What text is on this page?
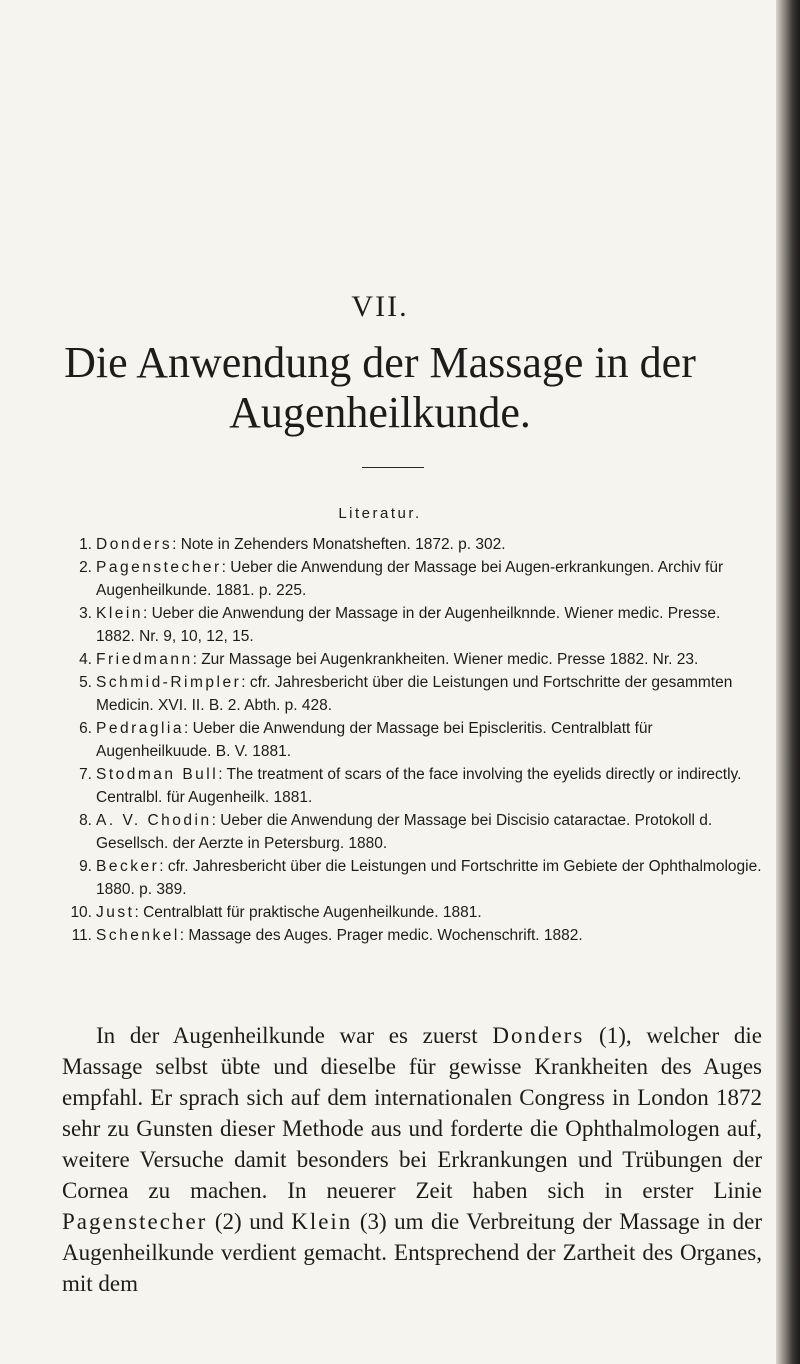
VII.
Die Anwendung der Massage in der
Augenheilkunde.
Literatur.
1. Donders: Note in Zehenders Monatsheften. 1872. p. 302.
2. Pagenstecher: Ueber die Anwendung der Massage bei Augen-erkrankungen. Archiv für Augenheilkunde. 1881. p. 225.
3. Klein: Ueber die Anwendung der Massage in der Augenheilknnde. Wiener medic. Presse. 1882. Nr. 9, 10, 12, 15.
4. Friedmann: Zur Massage bei Augenkrankheiten. Wiener medic. Presse 1882. Nr. 23.
5. Schmid-Rimpler: cfr. Jahresbericht über die Leistungen und Fortschritte der gesammten Medicin. XVI. II. B. 2. Abth. p. 428.
6. Pedraglia: Ueber die Anwendung der Massage bei Episcleritis. Centralblatt für Augenheilkuude. B. V. 1881.
7. Stodman Bull: The treatment of scars of the face involving the eyelids directly or indirectly. Centralbl. für Augenheilk. 1881.
8. A. V. Chodin: Ueber die Anwendung der Massage bei Discisio cataractae. Protokoll d. Gesellsch. der Aerzte in Petersburg. 1880.
9. Becker: cfr. Jahresbericht über die Leistungen und Fortschritte im Gebiete der Ophthalmologie. 1880. p. 389.
10. Just: Centralblatt für praktische Augenheilkunde. 1881.
11. Schenkel: Massage des Auges. Prager medic. Wochenschrift. 1882.

In der Augenheilkunde war es zuerst Donders (1), welcher die Massage selbst übte und dieselbe für gewisse Krankheiten des Auges empfahl. Er sprach sich auf dem internationalen Congress in London 1872 sehr zu Gunsten dieser Methode aus und forderte die Ophthalmologen auf, weitere Versuche damit besonders bei Erkrankungen und Trübungen der Cornea zu machen. In neuerer Zeit haben sich in erster Linie Pagenstecher (2) und Klein (3) um die Verbreitung der Massage in der Augenheilkunde verdient gemacht. Entsprechend der Zartheit des Organes, mit dem
